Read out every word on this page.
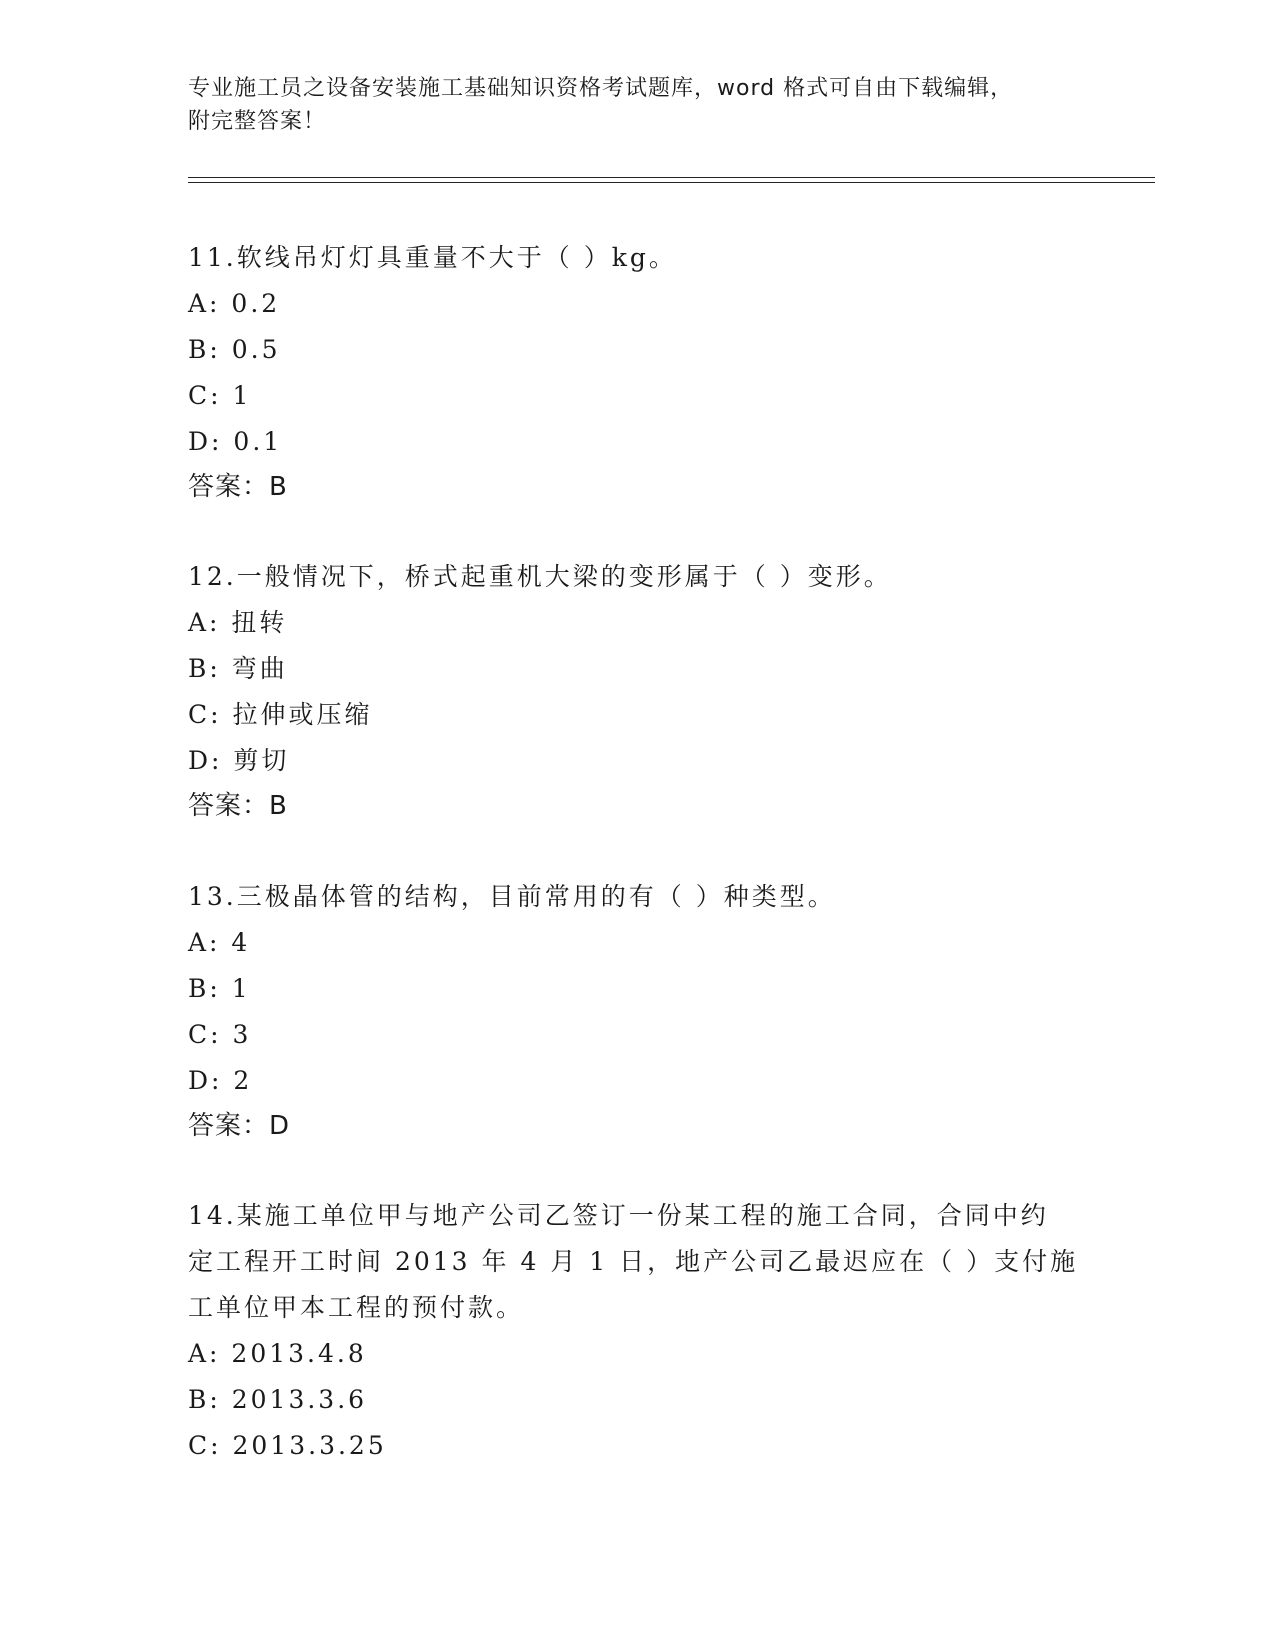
专业施工员之设备安装施工基础知识资格考试题库，word 格式可自由下载编辑，
附完整答案！

11.软线吊灯灯具重量不大于（ ）kg。

A: 0.2

B: 0.5

C: 1

D: 0.1

答案：B

12.一般情况下，桥式起重机大梁的变形属于（ ）变形。

A: 扭转

B: 弯曲

C: 拉伸或压缩

D: 剪切

答案：B

13.三极晶体管的结构，目前常用的有（ ）种类型。

A: 4

B: 1

C: 3

D: 2

答案：D

14.某施工单位甲与地产公司乙签订一份某工程的施工合同，合同中约

定工程开工时间 2013 年 4 月 1 日，地产公司乙最迟应在（ ）支付施

工单位甲本工程的预付款。

A: 2013.4.8

B: 2013.3.6

C: 2013.3.25
